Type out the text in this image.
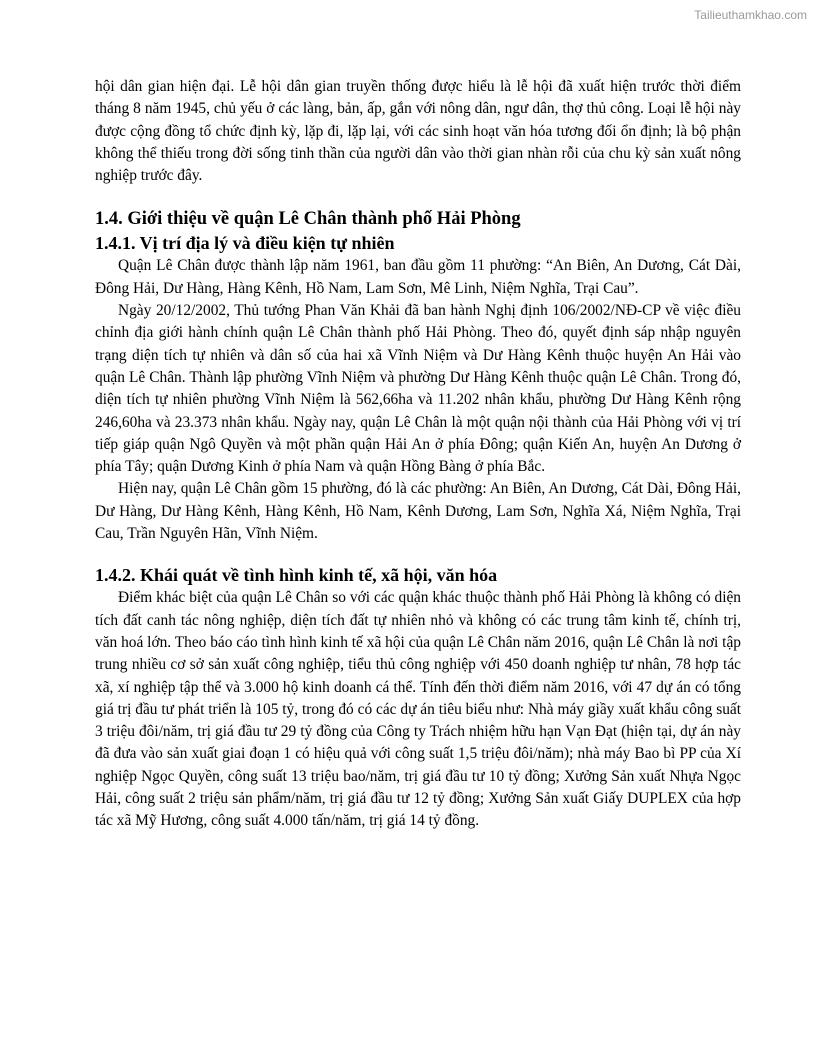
Tailieuthamkhao.com

hội dân gian hiện đại. Lễ hội dân gian truyền thống được hiểu là lễ hội đã xuất hiện trước thời điểm tháng 8 năm 1945, chủ yếu ở các làng, bản, ấp, gắn với nông dân, ngư dân, thợ thủ công. Loại lễ hội này được cộng đồng tổ chức định kỳ, lặp đi, lặp lại, với các sinh hoạt văn hóa tương đối ổn định; là bộ phận không thể thiếu trong đời sống tinh thần của người dân vào thời gian nhàn rỗi của chu kỳ sản xuất nông nghiệp trước đây.

1.4. Giới thiệu về quận Lê Chân thành phố Hải Phòng
1.4.1. Vị trí địa lý và điều kiện tự nhiên

Quận Lê Chân được thành lập năm 1961, ban đầu gồm 11 phường: “An Biên, An Dương, Cát Dài, Đông Hải, Dư Hàng, Hàng Kênh, Hồ Nam, Lam Sơn, Mê Linh, Niệm Nghĩa, Trại Cau”.

Ngày 20/12/2002, Thủ tướng Phan Văn Khải đã ban hành Nghị định 106/2002/NĐ-CP về việc điều chỉnh địa giới hành chính quận Lê Chân thành phố Hải Phòng. Theo đó, quyết định sáp nhập nguyên trạng diện tích tự nhiên và dân số của hai xã Vĩnh Niệm và Dư Hàng Kênh thuộc huyện An Hải vào quận Lê Chân. Thành lập phường Vĩnh Niệm và phường Dư Hàng Kênh thuộc quận Lê Chân. Trong đó, diện tích tự nhiên phường Vĩnh Niệm là 562,66ha và 11.202 nhân khẩu, phường Dư Hàng Kênh rộng 246,60ha và 23.373 nhân khẩu. Ngày nay, quận Lê Chân là một quận nội thành của Hải Phòng với vị trí tiếp giáp quận Ngô Quyền và một phần quận Hải An ở phía Đông; quận Kiến An, huyện An Dương ở phía Tây; quận Dương Kinh ở phía Nam và quận Hồng Bàng ở phía Bắc.

Hiện nay, quận Lê Chân gồm 15 phường, đó là các phường: An Biên, An Dương, Cát Dài, Đông Hải, Dư Hàng, Dư Hàng Kênh, Hàng Kênh, Hồ Nam, Kênh Dương, Lam Sơn, Nghĩa Xá, Niệm Nghĩa, Trại Cau, Trần Nguyên Hãn, Vĩnh Niệm.

1.4.2. Khái quát về tình hình kinh tế, xã hội, văn hóa

Điểm khác biệt của quận Lê Chân so với các quận khác thuộc thành phố Hải Phòng là không có diện tích đất canh tác nông nghiệp, diện tích đất tự nhiên nhỏ và không có các trung tâm kinh tế, chính trị, văn hoá lớn. Theo báo cáo tình hình kinh tế xã hội của quận Lê Chân năm 2016, quận Lê Chân là nơi tập trung nhiều cơ sở sản xuất công nghiệp, tiểu thủ công nghiệp với 450 doanh nghiệp tư nhân, 78 hợp tác xã, xí nghiệp tập thể và 3.000 hộ kinh doanh cá thể. Tính đến thời điểm năm 2016, với 47 dự án có tổng giá trị đầu tư phát triển là 105 tỷ, trong đó có các dự án tiêu biểu như: Nhà máy giầy xuất khẩu công suất 3 triệu đôi/năm, trị giá đầu tư 29 tỷ đồng của Công ty Trách nhiệm hữu hạn Vạn Đạt (hiện tại, dự án này đã đưa vào sản xuất giai đoạn 1 có hiệu quả với công suất 1,5 triệu đôi/năm); nhà máy Bao bì PP của Xí nghiệp Ngọc Quyền, công suất 13 triệu bao/năm, trị giá đầu tư 10 tỷ đồng; Xưởng Sản xuất Nhựa Ngọc Hải, công suất 2 triệu sản phẩm/năm, trị giá đầu tư 12 tỷ đồng; Xưởng Sản xuất Giấy DUPLEX của hợp tác xã Mỹ Hương, công suất 4.000 tấn/năm, trị giá 14 tỷ đồng.
